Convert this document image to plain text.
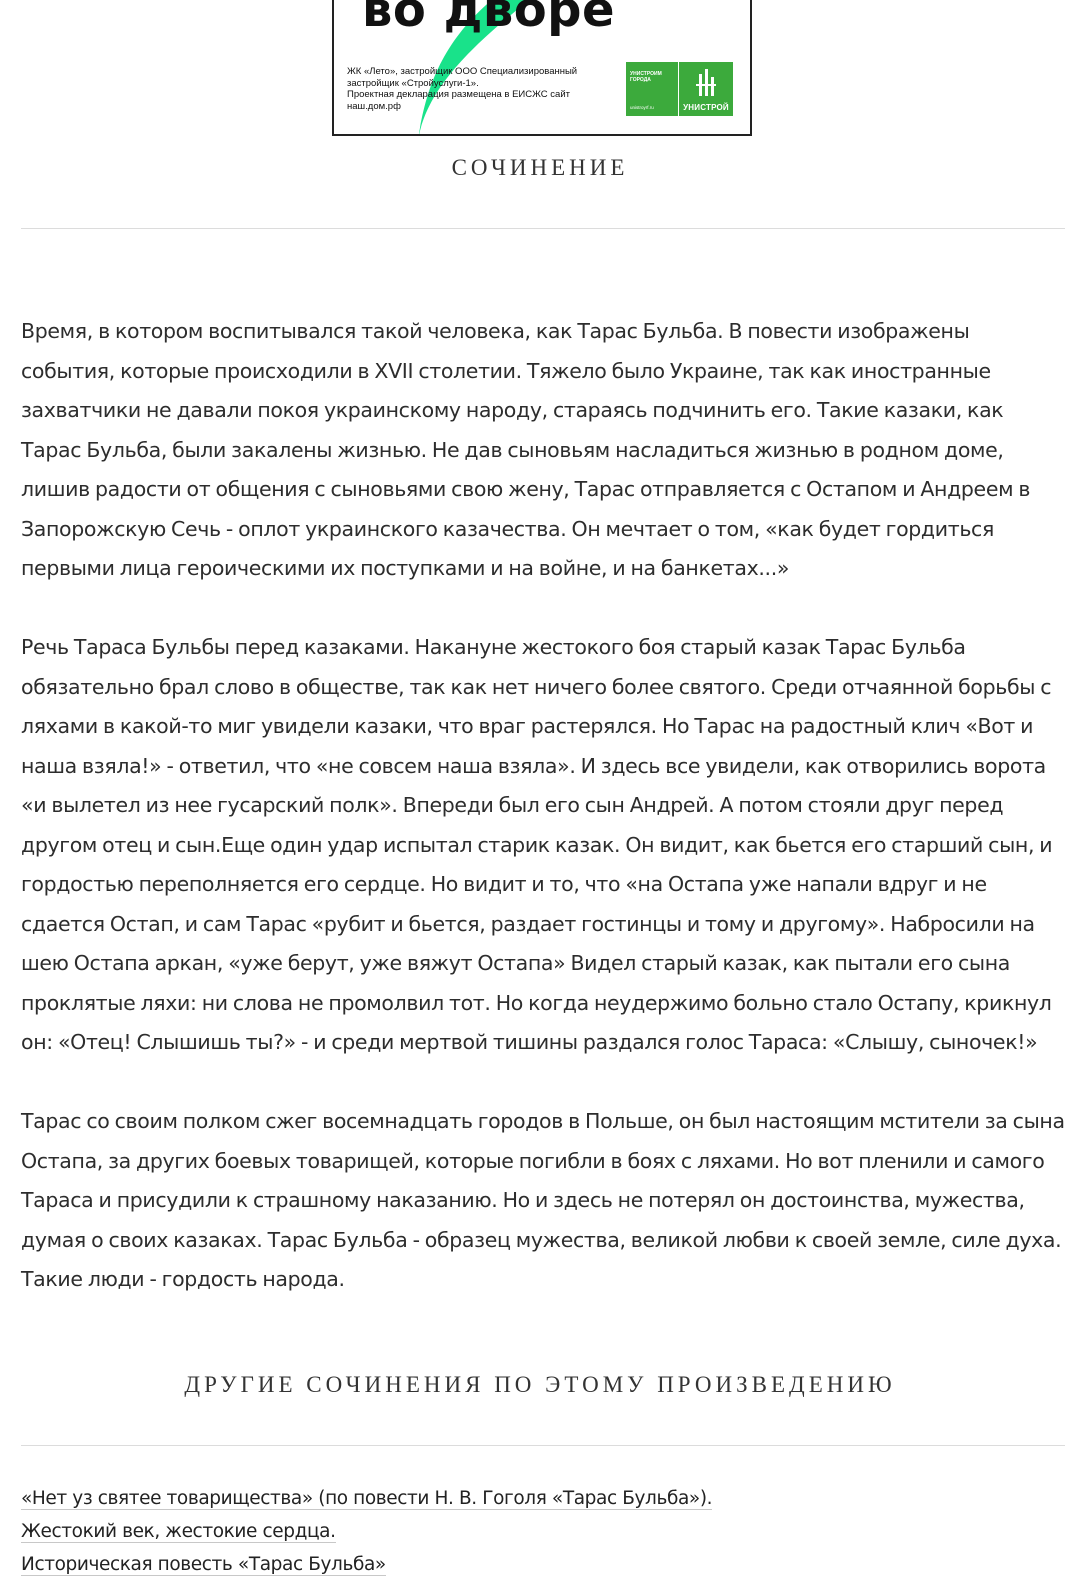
во дворе
ЖК «Лето», застройщик ООО Специализированный
застройщик «Стройуслуги-1».
Проектная декларация размещена в ЕИСЖС сайт
наш.дом.рф
УНИСТРОИМ ГОРОДА
unistroyrf.ru	УНИСТРОЙ
СОЧИНЕНИЕ

Время, в котором воспитывался такой человека, как Тарас Бульба. В повести изображены события, которые происходили в XVII столетии. Тяжело было Украине, так как иностранные захватчики не давали покоя украинскому народу, стараясь подчинить его. Такие казаки, как Тарас Бульба, были закалены жизнью. Не дав сыновьям насладиться жизнью в родном доме, лишив радости от общения с сыновьями свою жену, Тарас отправляется с Остапом и Андреем в Запорожскую Сечь - оплот украинского казачества. Он мечтает о том, «как будет гордиться первыми лица героическими их поступками и на войне, и на банкетах...»

Речь Тараса Бульбы перед казаками. Накануне жестокого боя старый казак Тарас Бульба обязательно брал слово в обществе, так как нет ничего более святого. Среди отчаянной борьбы с ляхами в какой-то миг увидели казаки, что враг растерялся. Но Тарас на радостный клич «Вот и наша взяла!» - ответил, что «не совсем наша взяла». И здесь все увидели, как отворились ворота «и вылетел из нее гусарский полк». Впереди был его сын Андрей. А потом стояли друг перед другом отец и сын.Еще один удар испытал старик казак. Он видит, как бьется его старший сын, и гордостью переполняется его сердце. Но видит и то, что «на Остапа уже напали вдруг и не сдается Остап, и сам Тарас «рубит и бьется, раздает гостинцы и тому и другому». Набросили на шею Остапа аркан, «уже берут, уже вяжут Остапа» Видел старый казак, как пытали его сына проклятые ляхи: ни слова не промолвил тот. Но когда неудержимо больно стало Остапу, крикнул он: «Отец! Слышишь ты?» - и среди мертвой тишины раздался голос Тараса: «Слышу, сыночек!»

Тарас со своим полком сжег восемнадцать городов в Польше, он был настоящим мстители за сына Остапа, за других боевых товарищей, которые погибли в боях с ляхами. Но вот пленили и самого Тараса и присудили к страшному наказанию. Но и здесь не потерял он достоинства, мужества, думая о своих казаках. Тарас Бульба - образец мужества, великой любви к своей земле, силе духа. Такие люди - гордость народа.

ДРУГИЕ СОЧИНЕНИЯ ПО ЭТОМУ ПРОИЗВЕДЕНИЮ
«Нет уз святее товарищества» (по повести Н. В. Гоголя «Тарас Бульба»).
Жестокий век, жестокие сердца.
Историческая повесть «Тарас Бульба»
